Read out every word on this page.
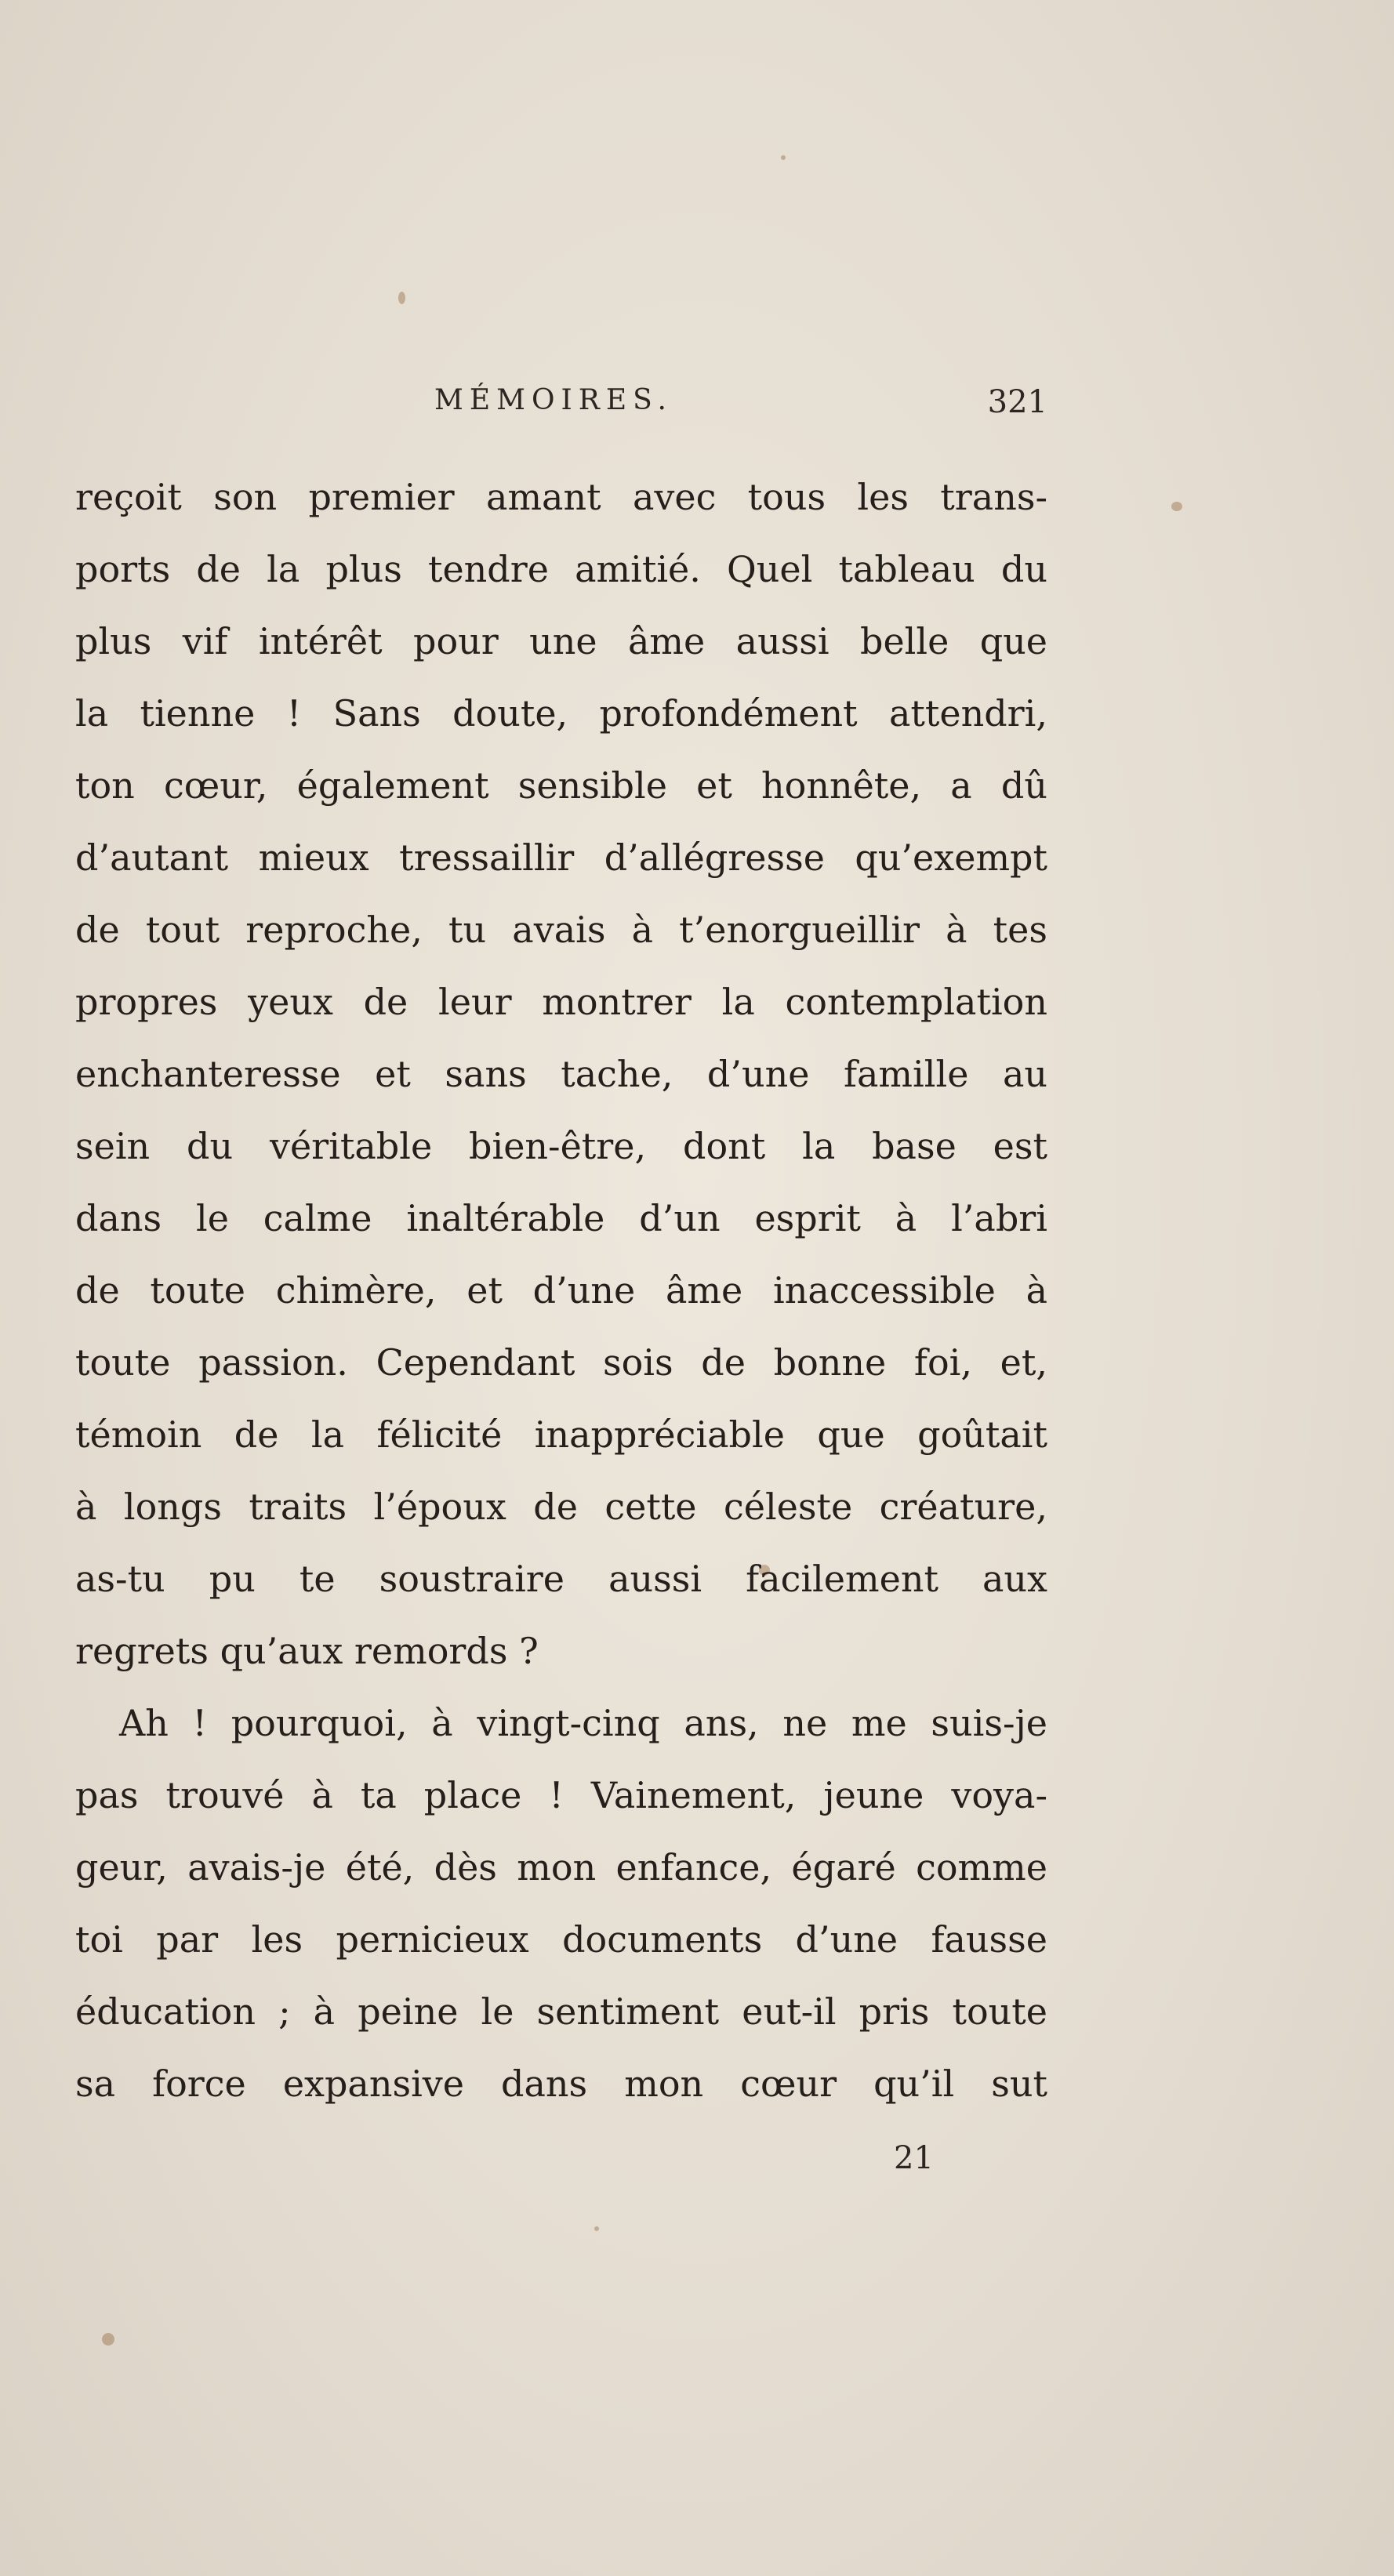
MÉMOIRES.	321
reçoit son premier amant avec tous les trans-
ports de la plus tendre amitié. Quel tableau du
plus vif intérêt pour une âme aussi belle que
la tienne ! Sans doute, profondément attendri,
ton cœur, également sensible et honnête, a dû
d’autant mieux tressaillir d’allégresse qu’exempt
de tout reproche, tu avais à t’enorgueillir à tes
propres yeux de leur montrer la contemplation
enchanteresse et sans tache, d’une famille au
sein du véritable bien-être, dont la base est
dans le calme inaltérable d’un esprit à l’abri
de toute chimère, et d’une âme inaccessible à
toute passion. Cependant sois de bonne foi, et,
témoin de la félicité inappréciable que goûtait
à longs traits l’époux de cette céleste créature,
as-tu pu te soustraire aussi facilement aux
regrets qu’aux remords ?
Ah ! pourquoi, à vingt-cinq ans, ne me suis-je
pas trouvé à ta place ! Vainement, jeune voya-
geur, avais-je été, dès mon enfance, égaré comme
toi par les pernicieux documents d’une fausse
éducation ; à peine le sentiment eut-il pris toute
sa force expansive dans mon cœur qu’il sut
21
